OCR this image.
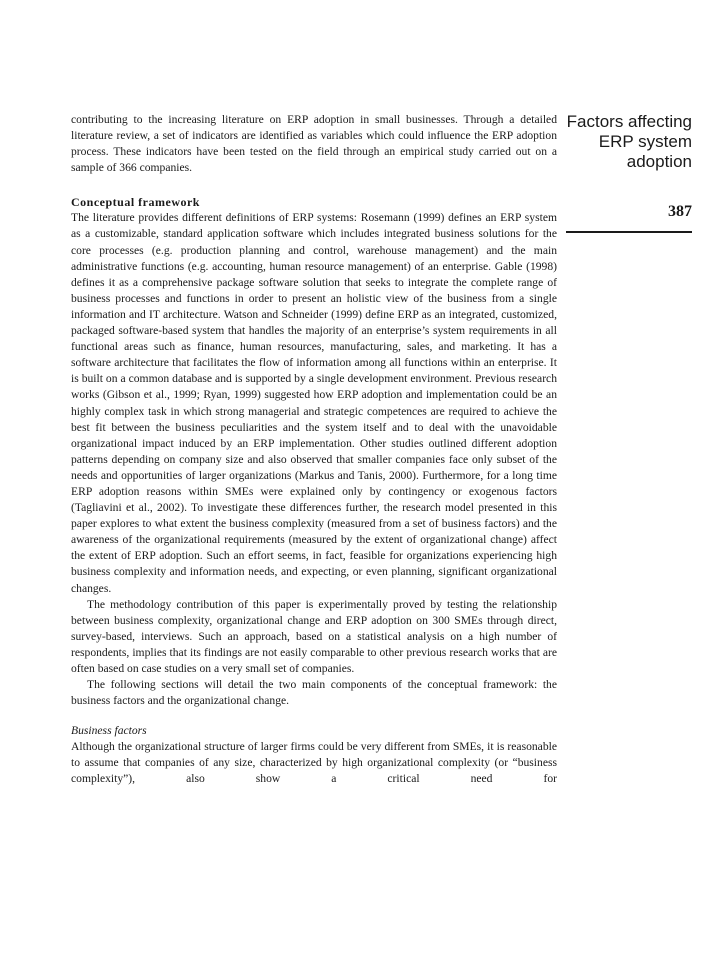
Factors affecting
ERP system
adoption
387

contributing to the increasing literature on ERP adoption in small businesses. Through a detailed literature review, a set of indicators are identified as variables which could influence the ERP adoption process. These indicators have been tested on the field through an empirical study carried out on a sample of 366 companies.

Conceptual framework

The literature provides different definitions of ERP systems: Rosemann (1999) defines an ERP system as a customizable, standard application software which includes integrated business solutions for the core processes (e.g. production planning and control, warehouse management) and the main administrative functions (e.g. accounting, human resource management) of an enterprise. Gable (1998) defines it as a comprehensive package software solution that seeks to integrate the complete range of business processes and functions in order to present an holistic view of the business from a single information and IT architecture. Watson and Schneider (1999) define ERP as an integrated, customized, packaged software-based system that handles the majority of an enterprise’s system requirements in all functional areas such as finance, human resources, manufacturing, sales, and marketing. It has a software architecture that facilitates the flow of information among all functions within an enterprise. It is built on a common database and is supported by a single development environment. Previous research works (Gibson et al., 1999; Ryan, 1999) suggested how ERP adoption and implementation could be an highly complex task in which strong managerial and strategic competences are required to achieve the best fit between the business peculiarities and the system itself and to deal with the unavoidable organizational impact induced by an ERP implementation. Other studies outlined different adoption patterns depending on company size and also observed that smaller companies face only subset of the needs and opportunities of larger organizations (Markus and Tanis, 2000). Furthermore, for a long time ERP adoption reasons within SMEs were explained only by contingency or exogenous factors (Tagliavini et al., 2002). To investigate these differences further, the research model presented in this paper explores to what extent the business complexity (measured from a set of business factors) and the awareness of the organizational requirements (measured by the extent of organizational change) affect the extent of ERP adoption. Such an effort seems, in fact, feasible for organizations experiencing high business complexity and information needs, and expecting, or even planning, significant organizational changes.

The methodology contribution of this paper is experimentally proved by testing the relationship between business complexity, organizational change and ERP adoption on 300 SMEs through direct, survey-based, interviews. Such an approach, based on a statistical analysis on a high number of respondents, implies that its findings are not easily comparable to other previous research works that are often based on case studies on a very small set of companies.

The following sections will detail the two main components of the conceptual framework: the business factors and the organizational change.

Business factors

Although the organizational structure of larger firms could be very different from SMEs, it is reasonable to assume that companies of any size, characterized by high organizational complexity (or “business complexity”), also show a critical need for
